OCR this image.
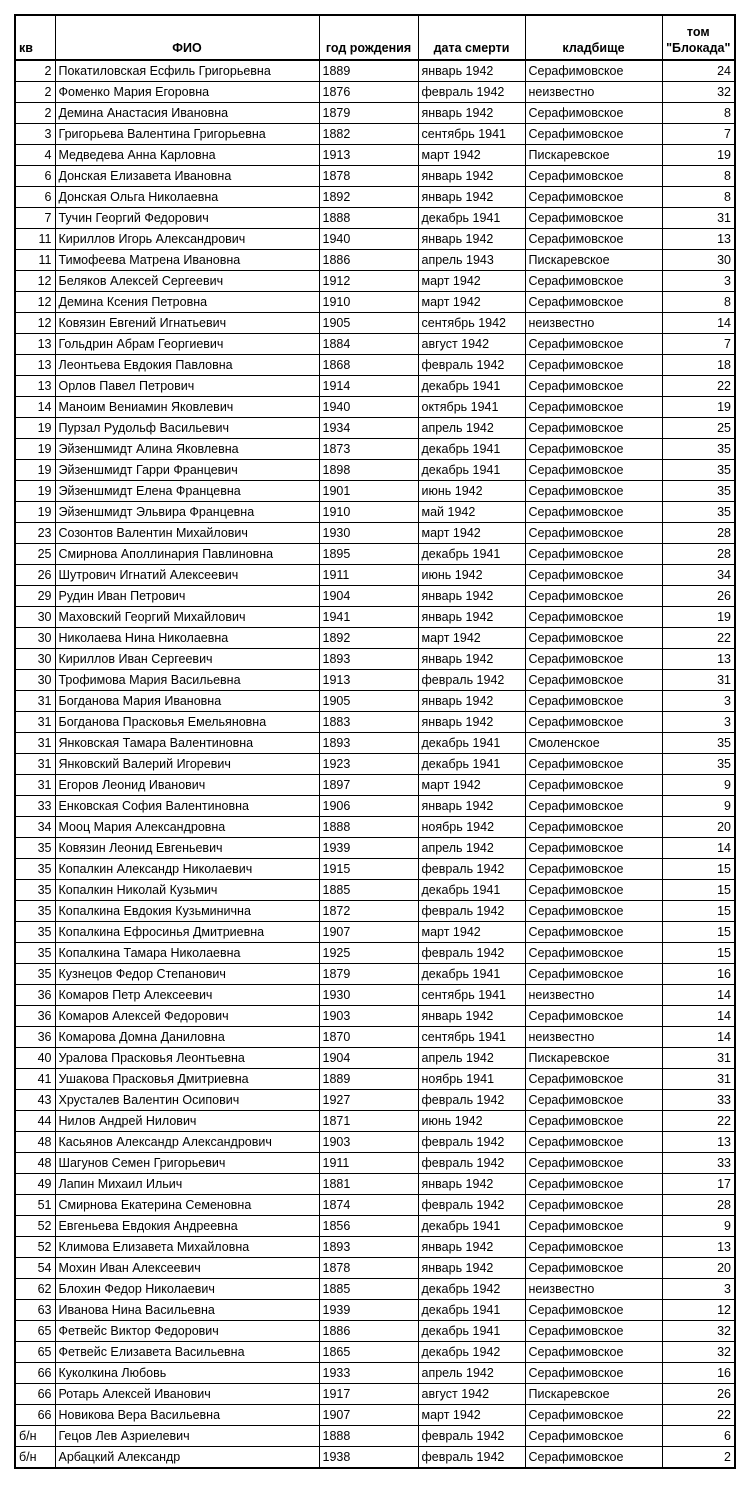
кв	ФИО	год рождения	дата смерти	кладбище	том
"Блокада"

2	Покатиловская Есфиль Григорьевна	1889	январь 1942	Серафимовское	24
2	Фоменко Мария Егоровна	1876	февраль 1942	неизвестно	32
2	Демина Анастасия Ивановна	1879	январь 1942	Серафимовское	8
3	Григорьева Валентина Григорьевна	1882	сентябрь 1941	Серафимовское	7
4	Медведева Анна Карловна	1913	март 1942	Пискаревское	19
6	Донская Елизавета Ивановна	1878	январь 1942	Серафимовское	8
6	Донская Ольга Николаевна	1892	январь 1942	Серафимовское	8
7	Тучин Георгий Федорович	1888	декабрь 1941	Серафимовское	31
11	Кириллов Игорь Александрович	1940	январь 1942	Серафимовское	13
11	Тимофеева Матрена Ивановна	1886	апрель 1943	Пискаревское	30
12	Беляков Алексей Сергеевич	1912	март 1942	Серафимовское	3
12	Демина Ксения Петровна	1910	март 1942	Серафимовское	8
12	Ковязин Евгений Игнатьевич	1905	сентябрь 1942	неизвестно	14
13	Гольдрин Абрам Георгиевич	1884	август 1942	Серафимовское	7
13	Леонтьева Евдокия Павловна	1868	февраль 1942	Серафимовское	18
13	Орлов Павел Петрович	1914	декабрь 1941	Серафимовское	22
14	Маноим Вениамин Яковлевич	1940	октябрь 1941	Серафимовское	19
19	Пурзал Рудольф Васильевич	1934	апрель 1942	Серафимовское	25
19	Эйзеншмидт Алина Яковлевна	1873	декабрь 1941	Серафимовское	35
19	Эйзеншмидт Гарри Францевич	1898	декабрь 1941	Серафимовское	35
19	Эйзеншмидт Елена Францевна	1901	июнь 1942	Серафимовское	35
19	Эйзеншмидт Эльвира Францевна	1910	май 1942	Серафимовское	35
23	Созонтов Валентин Михайлович	1930	март 1942	Серафимовское	28
25	Смирнова Аполлинария Павлиновна	1895	декабрь 1941	Серафимовское	28
26	Шутрович Игнатий Алексеевич	1911	июнь 1942	Серафимовское	34
29	Рудин Иван Петрович	1904	январь 1942	Серафимовское	26
30	Маховский Георгий Михайлович	1941	январь 1942	Серафимовское	19
30	Николаева Нина Николаевна	1892	март 1942	Серафимовское	22
30	Кириллов Иван Сергеевич	1893	январь 1942	Серафимовское	13
30	Трофимова Мария Васильевна	1913	февраль 1942	Серафимовское	31
31	Богданова Мария Ивановна	1905	январь 1942	Серафимовское	3
31	Богданова Прасковья Емельяновна	1883	январь 1942	Серафимовское	3
31	Янковская Тамара Валентиновна	1893	декабрь 1941	Смоленское	35
31	Янковский Валерий Игоревич	1923	декабрь 1941	Серафимовское	35
31	Егоров Леонид Иванович	1897	март 1942	Серафимовское	9
33	Енковская София Валентиновна	1906	январь 1942	Серафимовское	9
34	Мооц Мария Александровна	1888	ноябрь 1942	Серафимовское	20
35	Ковязин Леонид Евгеньевич	1939	апрель 1942	Серафимовское	14
35	Копалкин Александр Николаевич	1915	февраль 1942	Серафимовское	15
35	Копалкин Николай Кузьмич	1885	декабрь 1941	Серафимовское	15
35	Копалкина Евдокия Кузьминична	1872	февраль 1942	Серафимовское	15
35	Копалкина Ефросинья Дмитриевна	1907	март 1942	Серафимовское	15
35	Копалкина Тамара Николаевна	1925	февраль 1942	Серафимовское	15
35	Кузнецов Федор Степанович	1879	декабрь 1941	Серафимовское	16
36	Комаров Петр Алексеевич	1930	сентябрь 1941	неизвестно	14
36	Комаров Алексей Федорович	1903	январь 1942	Серафимовское	14
36	Комарова Домна Даниловна	1870	сентябрь 1941	неизвестно	14
40	Уралова Прасковья Леонтьевна	1904	апрель 1942	Пискаревское	31
41	Ушакова Прасковья Дмитриевна	1889	ноябрь 1941	Серафимовское	31
43	Хрусталев Валентин Осипович	1927	февраль 1942	Серафимовское	33
44	Нилов Андрей Нилович	1871	июнь 1942	Серафимовское	22
48	Касьянов Александр Александрович	1903	февраль 1942	Серафимовское	13
48	Шагунов Семен Григорьевич	1911	февраль 1942	Серафимовское	33
49	Лапин Михаил Ильич	1881	январь 1942	Серафимовское	17
51	Смирнова Екатерина Семеновна	1874	февраль 1942	Серафимовское	28
52	Евгеньева Евдокия Андреевна	1856	декабрь 1941	Серафимовское	9
52	Климова Елизавета Михайловна	1893	январь 1942	Серафимовское	13
54	Мохин Иван Алексеевич	1878	январь 1942	Серафимовское	20
62	Блохин Федор Николаевич	1885	декабрь 1942	неизвестно	3
63	Иванова Нина Васильевна	1939	декабрь 1941	Серафимовское	12
65	Фетвейс Виктор Федорович	1886	декабрь 1941	Серафимовское	32
65	Фетвейс Елизавета Васильевна	1865	декабрь 1942	Серафимовское	32
66	Куколкина Любовь	1933	апрель 1942	Серафимовское	16
66	Ротарь Алексей Иванович	1917	август 1942	Пискаревское	26
66	Новикова Вера Васильевна	1907	март 1942	Серафимовское	22
б/н	Гецов Лев Азриелевич	1888	февраль 1942	Серафимовское	6
б/н	Арбацкий Александр	1938	февраль 1942	Серафимовское	2
